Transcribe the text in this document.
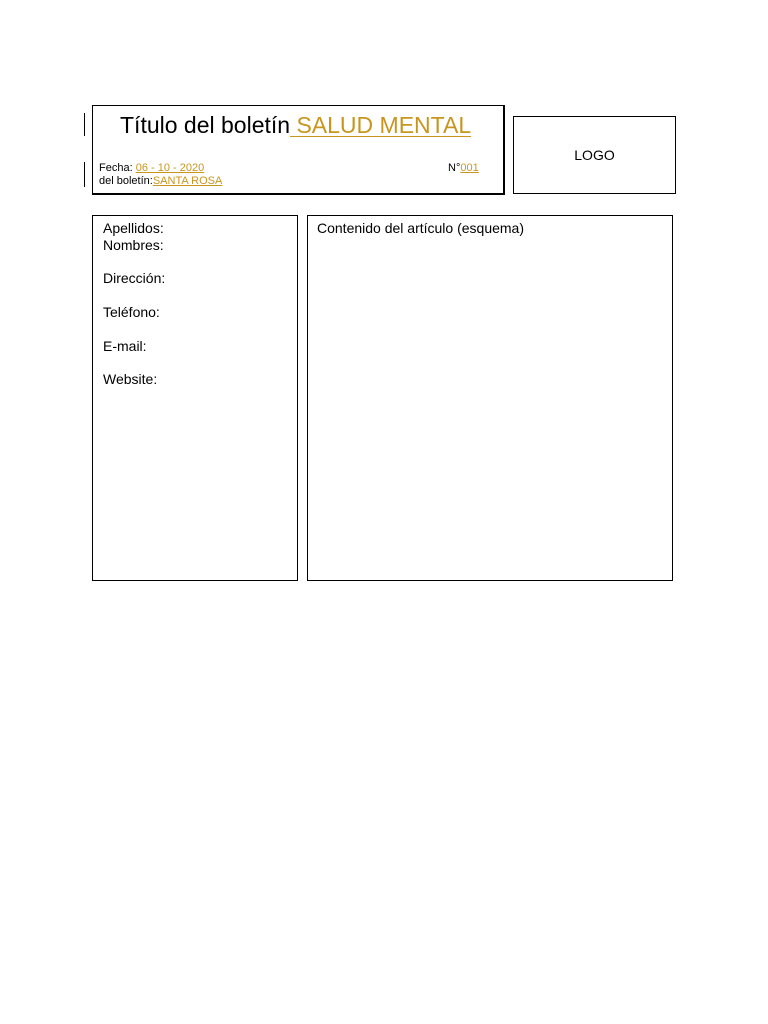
Título del boletín SALUD MENTAL
Fecha: 06 - 10 - 2020	N°001
del boletín:SANTA ROSA
LOGO
Apellidos:
Nombres:
Dirección:
Teléfono:
E-mail:
Website:
Contenido del artículo (esquema)
